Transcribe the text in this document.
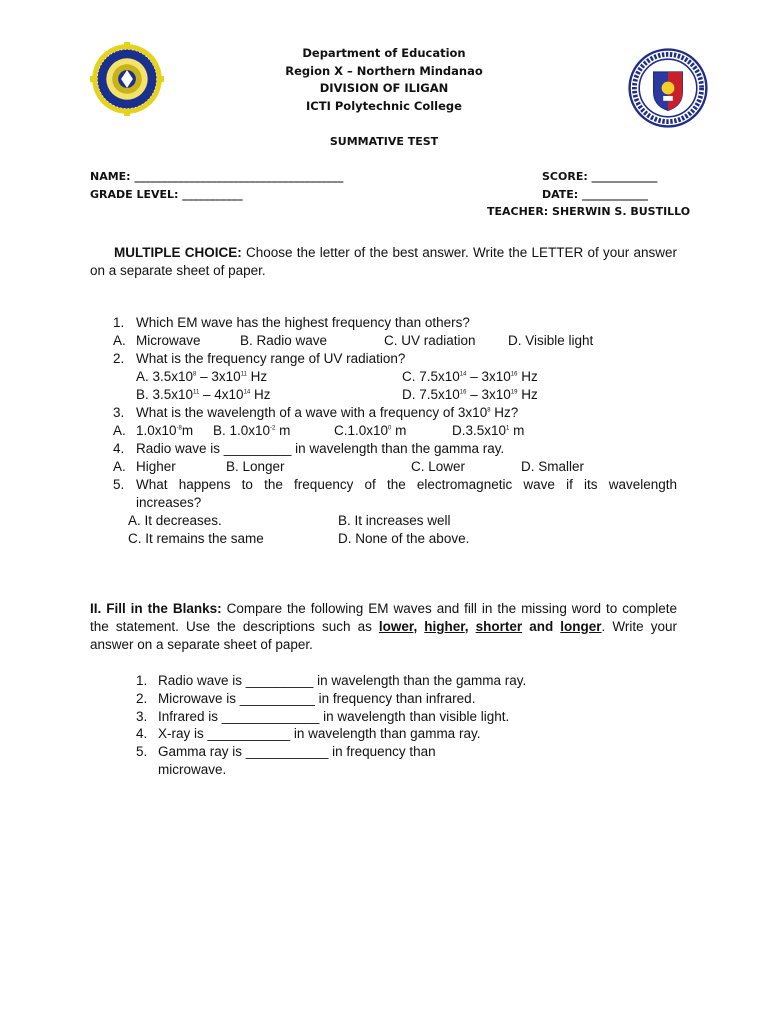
Department of Education
Region X – Northern Mindanao
DIVISION OF ILIGAN
ICTI Polytechnic College
SUMMATIVE TEST
NAME: ______________________________________	SCORE: ____________
GRADE LEVEL: ___________	DATE: ____________
TEACHER: SHERWIN S. BUSTILLO
MULTIPLE CHOICE: Choose the letter of the best answer. Write the LETTER of your answer on a separate sheet of paper.
1. Which EM wave has the highest frequency than others?
A. Microwave	B. Radio wave	C. UV radiation D. Visible light
2. What is the frequency range of UV radiation?
A. $3.5x10^8 - 3x10^{11}$ Hz	C. $7.5x10^{14} - 3x10^{16}$ Hz
B. $3.5x10^{11} - 4x10^{14}$ Hz	D. $7.5x10^{16} - 3x10^{19}$ Hz
3. What is the wavelength of a wave with a frequency of $3x10^8$ Hz?
A. $1.0x10^{-8}m$ B. $1.0x10^{-2}$ m	$C.1.0x10^0$ m	$D.3.5x10^1$ m
4. Radio wave is _________ in wavelength than the gamma ray.
A. Higher	B. Longer	C. Lower	D. Smaller
5. What happens to the frequency of the electromagnetic wave if its wavelength
increases?
A. It decreases.	B. It increases well
C. It remains the same	D. None of the above.
II. Fill in the Blanks: Compare the following EM waves and fill in the missing word to complete the statement. Use the descriptions such as lower, higher, shorter and longer. Write your answer on a separate sheet of paper.
1. Radio wave is _________ in wavelength than the gamma ray.
2. Microwave is __________ in frequency than infrared.
3. Infrared is _____________ in wavelength than visible light.
4. X-ray is ___________ in wavelength than gamma ray.
5. Gamma ray is ___________ in frequency than
microwave.
